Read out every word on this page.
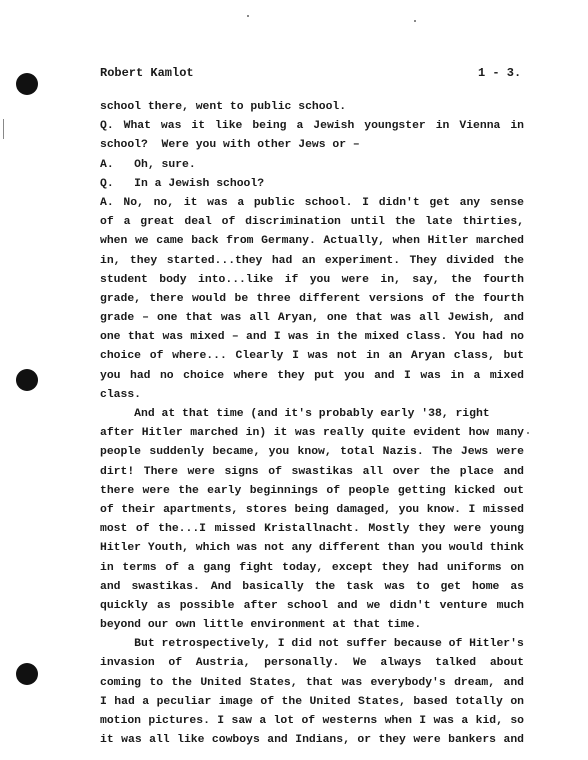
Robert Kamlot	1 - 3.
school there, went to public school.
Q. What was it like being a Jewish youngster in Vienna in
school?  Were you with other Jews or –
A.   Oh, sure.
Q.   In a Jewish school?
A. No, no, it was a public school. I didn't get any sense
of a great deal of discrimination until the late thirties,
when we came back from Germany. Actually, when Hitler marched
in, they started...they had an experiment. They divided the
student body into...like if you were in, say, the fourth
grade, there would be three different versions of the fourth
grade – one that was all Aryan, one that was all Jewish, and
one that was mixed – and I was in the mixed class. You had no
choice of where... Clearly I was not in an Aryan class, but
you had no choice where they put you and I was in a mixed
class.
And at that time (and it's probably early '38, right
after Hitler marched in) it was really quite evident how many
people suddenly became, you know, total Nazis. The Jews were
dirt! There were signs of swastikas all over the place and
there were the early beginnings of people getting kicked out
of their apartments, stores being damaged, you know. I missed
most of the...I missed Kristallnacht. Mostly they were young
Hitler Youth, which was not any different than you would think
in terms of a gang fight today, except they had uniforms on
and swastikas. And basically the task was to get home as
quickly as possible after school and we didn't venture much
beyond our own little environment at that time.
But retrospectively, I did not suffer because of Hitler's
invasion of Austria, personally. We always talked about
coming to the United States, that was everybody's dream, and
I had a peculiar image of the United States, based totally on
motion pictures. I saw a lot of westerns when I was a kid, so
it was all like cowboys and Indians, or they were bankers and
